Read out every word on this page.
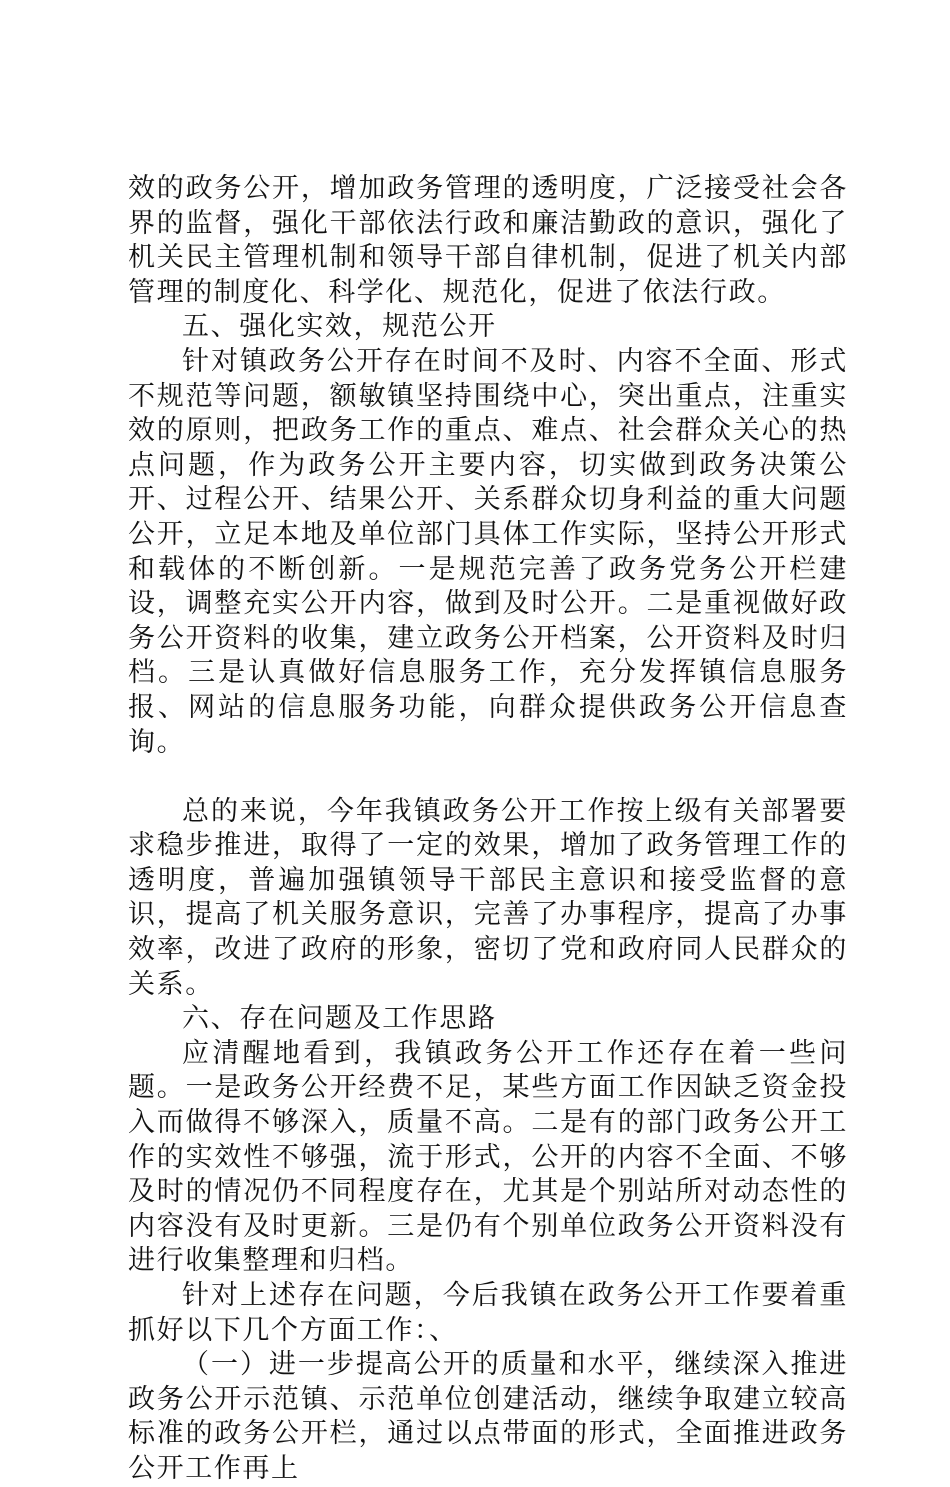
效的政务公开，增加政务管理的透明度，广泛接受社会各界的监督，强化干部依法行政和廉洁勤政的意识，强化了机关民主管理机制和领导干部自律机制，促进了机关内部管理的制度化、科学化、规范化，促进了依法行政。

五、强化实效，规范公开

针对镇政务公开存在时间不及时、内容不全面、形式不规范等问题，额敏镇坚持围绕中心，突出重点，注重实效的原则，把政务工作的重点、难点、社会群众关心的热点问题，作为政务公开主要内容，切实做到政务决策公开、过程公开、结果公开、关系群众切身利益的重大问题公开，立足本地及单位部门具体工作实际，坚持公开形式和载体的不断创新。一是规范完善了政务党务公开栏建设，调整充实公开内容，做到及时公开。二是重视做好政务公开资料的收集，建立政务公开档案，公开资料及时归档。三是认真做好信息服务工作，充分发挥镇信息服务报、网站的信息服务功能，向群众提供政务公开信息查询。

总的来说，今年我镇政务公开工作按上级有关部署要求稳步推进，取得了一定的效果，增加了政务管理工作的透明度，普遍加强镇领导干部民主意识和接受监督的意识，提高了机关服务意识，完善了办事程序，提高了办事效率，改进了政府的形象，密切了党和政府同人民群众的关系。

六、存在问题及工作思路

应清醒地看到，我镇政务公开工作还存在着一些问题。一是政务公开经费不足，某些方面工作因缺乏资金投入而做得不够深入，质量不高。二是有的部门政务公开工作的实效性不够强，流于形式，公开的内容不全面、不够及时的情况仍不同程度存在，尤其是个别站所对动态性的内容没有及时更新。三是仍有个别单位政务公开资料没有进行收集整理和归档。

针对上述存在问题，今后我镇在政务公开工作要着重抓好以下几个方面工作：、

（一）进一步提高公开的质量和水平，继续深入推进政务公开示范镇、示范单位创建活动，继续争取建立较高标准的政务公开栏，通过以点带面的形式，全面推进政务公开工作再上
